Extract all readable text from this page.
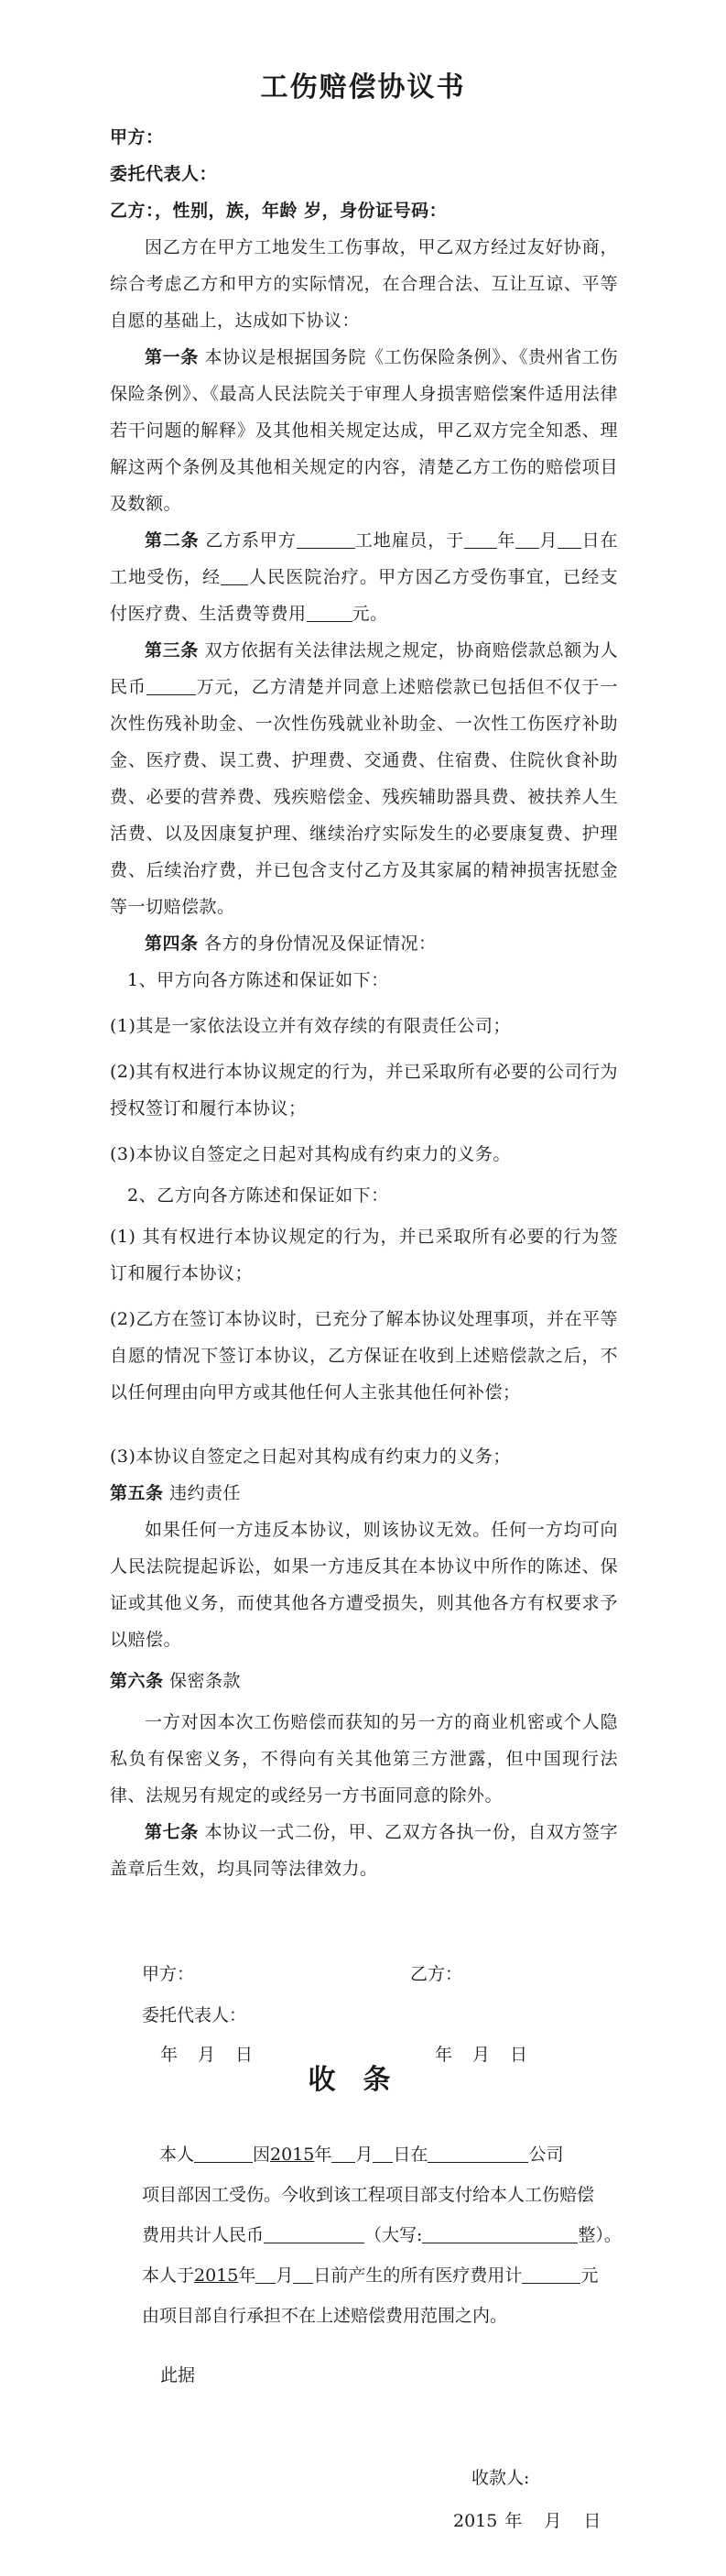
工伤赔偿协议书
甲方：
委托代表人：
乙方：，性别，族，年龄 岁，身份证号码：
因乙方在甲方工地发生工伤事故，甲乙双方经过友好协商，综合考虑乙方和甲方的实际情况，在合理合法、互让互谅、平等自愿的基础上，达成如下协议：
第一条 本协议是根据国务院《工伤保险条例》、《贵州省工伤保险条例》、《最高人民法院关于审理人身损害赔偿案件适用法律若干问题的解释》及其他相关规定达成，甲乙双方完全知悉、理解这两个条例及其他相关规定的内容，清楚乙方工伤的赔偿项目及数额。
第二条 乙方系甲方	工地雇员，于 年 月 日在工地受伤，经 人民医院治疗。甲方因乙方受伤事宜，已经支付医疗费、生活费等费用	元。
第三条 双方依据有关法律法规之规定，协商赔偿款总额为人民币	万元，乙方清楚并同意上述赔偿款已包括但不仅于一次性伤残补助金、一次性伤残就业补助金、一次性工伤医疗补助金、医疗费、误工费、护理费、交通费、住宿费、住院伙食补助费、必要的营养费、残疾赔偿金、残疾辅助器具费、被扶养人生活费、以及因康复护理、继续治疗实际发生的必要康复费、护理费、后续治疗费，并已包含支付乙方及其家属的精神损害抚慰金等一切赔偿款。
第四条 各方的身份情况及保证情况：
1、甲方向各方陈述和保证如下：
(1)其是一家依法设立并有效存续的有限责任公司；
(2)其有权进行本协议规定的行为，并已采取所有必要的公司行为授权签订和履行本协议；
(3)本协议自签定之日起对其构成有约束力的义务。
2、乙方向各方陈述和保证如下：
(1) 其有权进行本协议规定的行为，并已采取所有必要的行为签订和履行本协议；
(2)乙方在签订本协议时，已充分了解本协议处理事项，并在平等自愿的情况下签订本协议，乙方保证在收到上述赔偿款之后，不以任何理由向甲方或其他任何人主张其他任何补偿；
(3)本协议自签定之日起对其构成有约束力的义务；
第五条 违约责任
如果任何一方违反本协议，则该协议无效。任何一方均可向人民法院提起诉讼，如果一方违反其在本协议中所作的陈述、保证或其他义务，而使其他各方遭受损失，则其他各方有权要求予以赔偿。
第六条 保密条款
一方对因本次工伤赔偿而获知的另一方的商业机密或个人隐私负有保密义务，不得向有关其他第三方泄露，但中国现行法律、法规另有规定的或经另一方书面同意的除外。
第七条 本协议一式二份，甲、乙双方各执一份，自双方签字盖章后生效，均具同等法律效力。
甲方：	乙方：
委托代表人：
年 月 日	年 月 日
收条
本人	因2015年 月 日在	公司
项目部因工受伤。今收到该工程项目部支付给本人工伤赔偿
费用共计人民币	（大写:	整）。
本人于2015年 月 日前产生的所有医疗费用计	元
由项目部自行承担不在上述赔偿费用范围之内。
此据
收款人:
2015 年 月 日
